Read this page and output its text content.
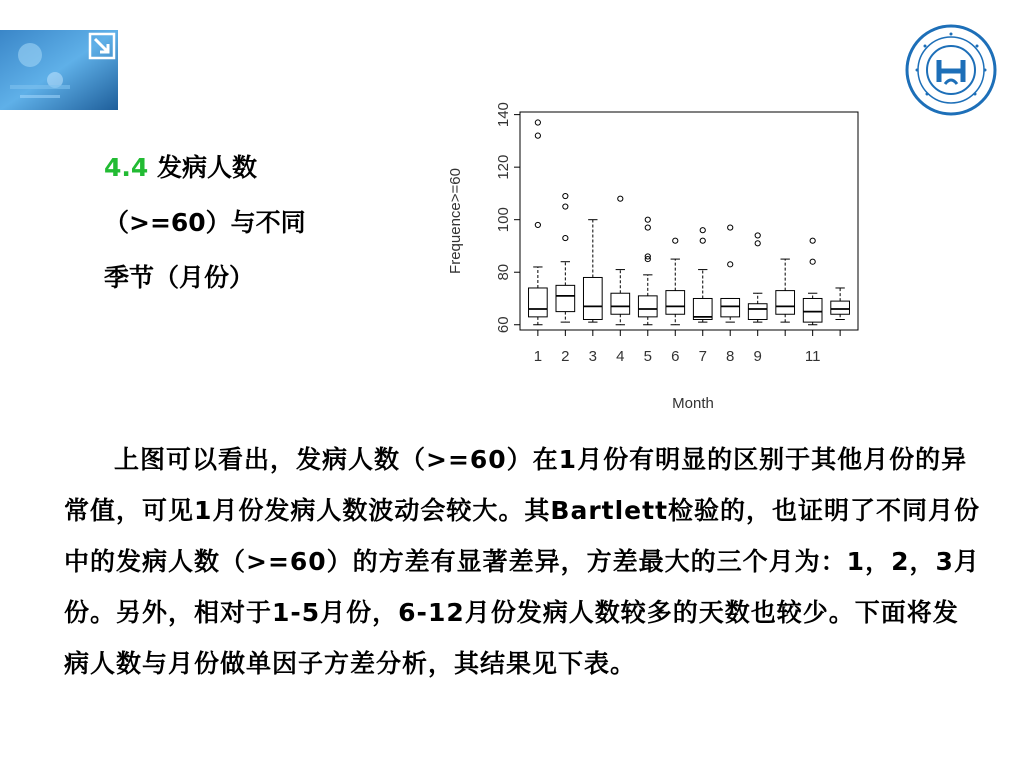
4.4 发病人数
（>=60）与不同
季节（月份）
60
80
100
120
140
Frequence>=60
1 2 3 4 5 6 7 8 9	11
Month

上图可以看出，发病人数（>=60）在1月份有明显的区别于其他月份的异常值，可见1月份发病人数波动会较大。其Bartlett检验的，也证明了不同月份中的发病人数（>=60）的方差有显著差异，方差最大的三个月为：1，2，3月份。另外，相对于1-5月份，6-12月份发病人数较多的天数也较少。下面将发病人数与月份做单因子方差分析，其结果见下表。
